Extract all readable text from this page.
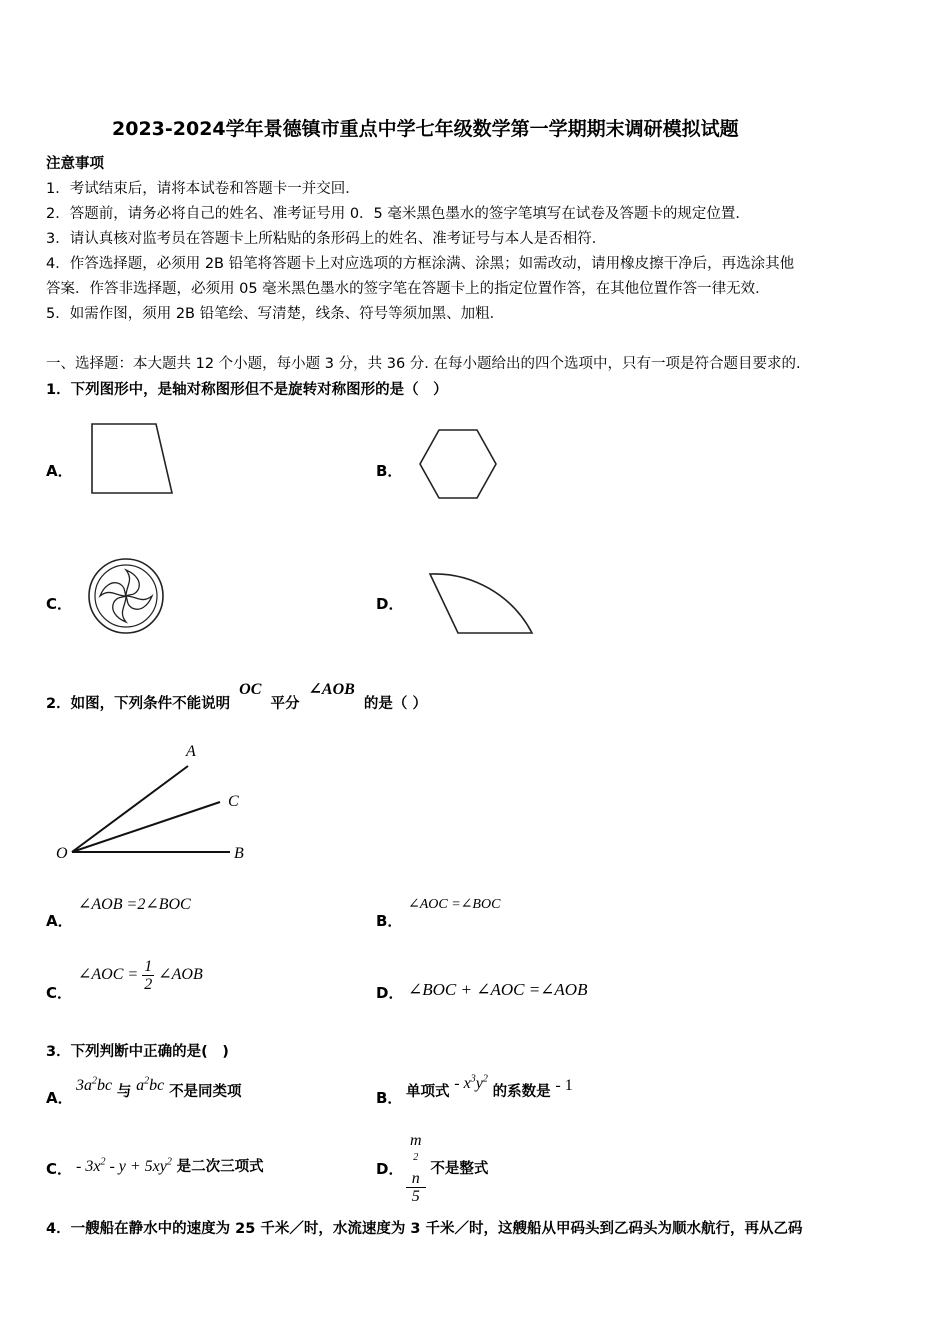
2023-2024学年景德镇市重点中学七年级数学第一学期期末调研模拟试题
注意事项
1．考试结束后，请将本试卷和答题卡一并交回．
2．答题前，请务必将自己的姓名、准考证号用 0．5 毫米黑色墨水的签字笔填写在试卷及答题卡的规定位置．
3．请认真核对监考员在答题卡上所粘贴的条形码上的姓名、准考证号与本人是否相符．
4．作答选择题，必须用 2B 铅笔将答题卡上对应选项的方框涂满、涂黑；如需改动，请用橡皮擦干净后，再选涂其他
答案．作答非选择题，必须用 05 毫米黑色墨水的签字笔在答题卡上的指定位置作答，在其他位置作答一律无效．
5．如需作图，须用 2B 铅笔绘、写清楚，线条、符号等须加黑、加粗．
一、选择题：本大题共 12 个小题，每小题 3 分，共 36 分. 在每小题给出的四个选项中，只有一项是符合题目要求的.
1．下列图形中，是轴对称图形但不是旋转对称图形的是（　）
A．	B．
C．	D．
2．如图，下列条件不能说明 OC 平分 ∠AOB 的是（ ）
A
C
O	B
A．
∠AOB =2∠BOC
B．
∠AOC =∠BOC
C．
∠AOC = $\frac{1}{2}$ ∠AOB
D． ∠BOC + ∠AOC =∠AOB
3．下列判断中正确的是(　)
A．
$3a^2bc$ 与 $a^2bc$ 不是同类项	B． 单项式 - $x^3y^2$ 的系数是 - 1
C． - $3x^2 - y + 5xy^2$ 是二次三项式	D． m
$^2$
n
5 不是整式
4．一艘船在静水中的速度为 25 千米／时，水流速度为 3 千米／时，这艘船从甲码头到乙码头为顺水航行，再从乙码
